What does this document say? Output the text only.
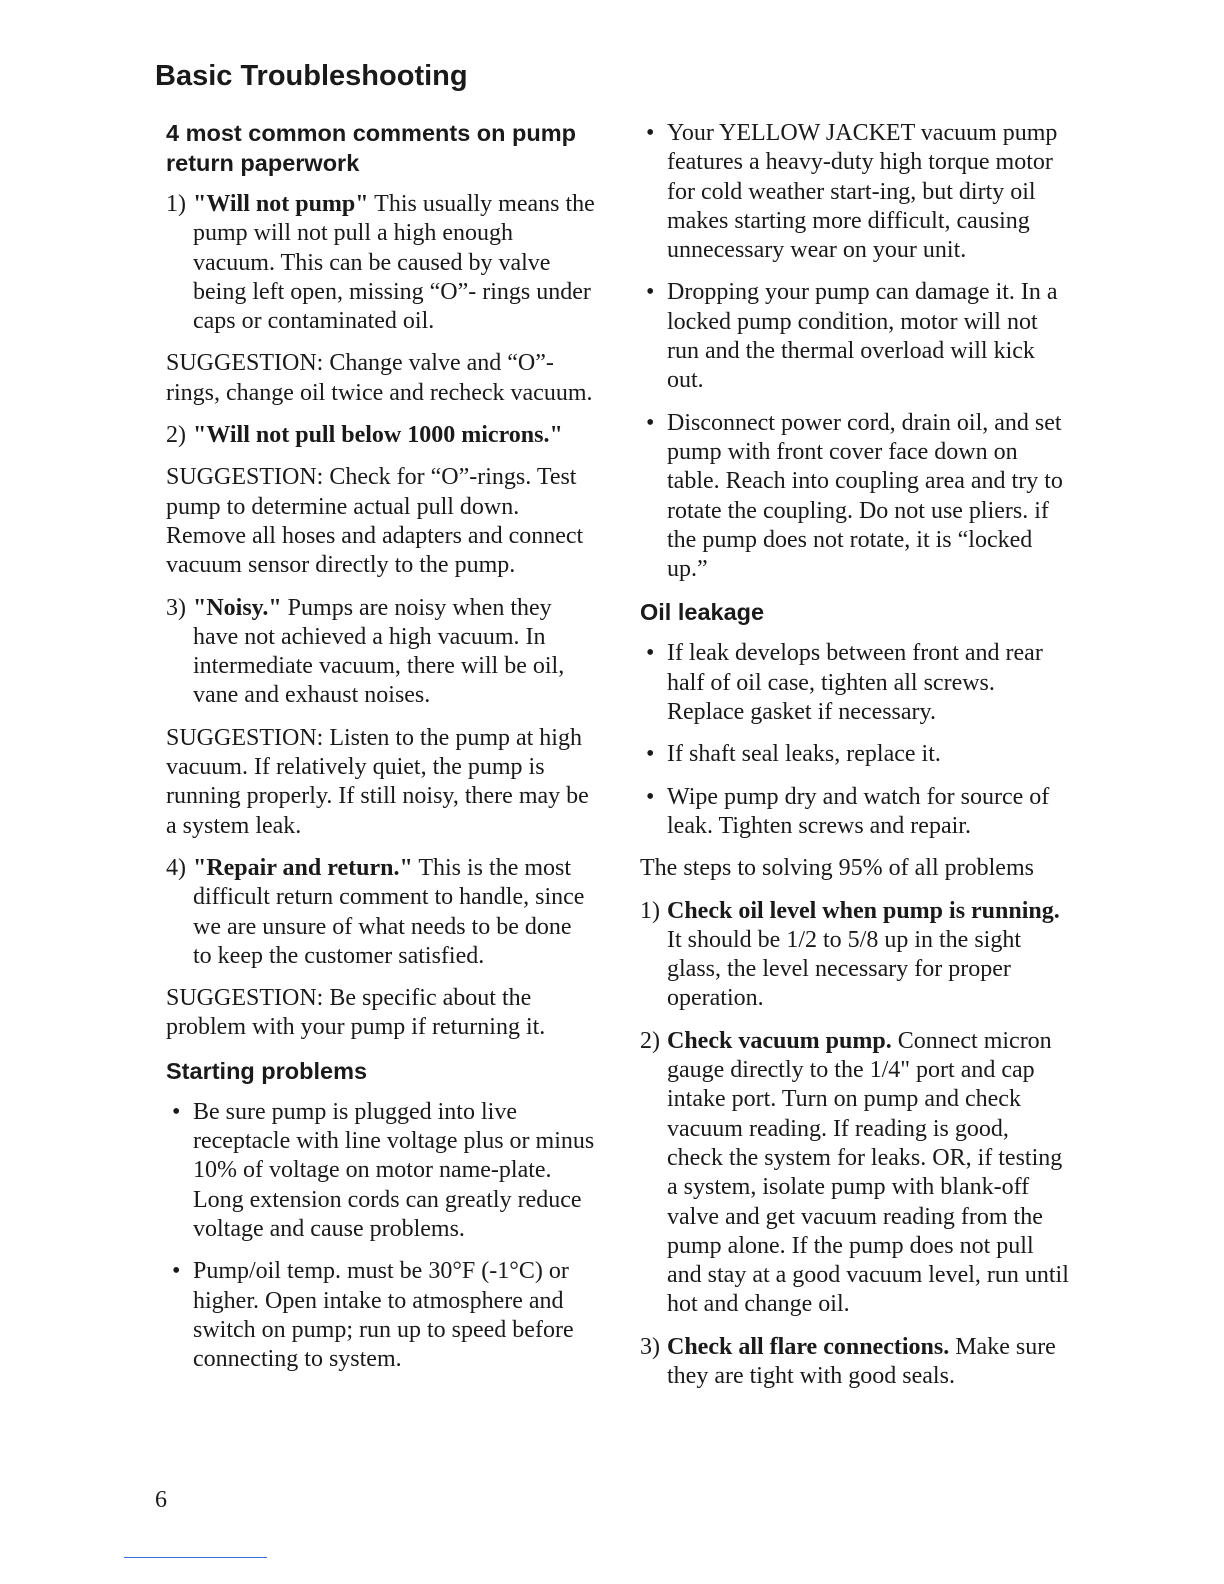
Basic Troubleshooting
4 most common comments on pump return paperwork
1) "Will not pump" This usually means the pump will not pull a high enough vacuum. This can be caused by valve being left open, missing “O”- rings under caps or contaminated oil.

SUGGESTION: Change valve and “O”-rings, change oil twice and recheck vacuum.

2) "Will not pull below 1000 microns."

SUGGESTION: Check for “O”-rings. Test pump to determine actual pull down. Remove all hoses and adapters and connect vacuum sensor directly to the pump.

3) "Noisy." Pumps are noisy when they have not achieved a high vacuum. In intermediate vacuum, there will be oil, vane and exhaust noises.

SUGGESTION: Listen to the pump at high vacuum. If relatively quiet, the pump is running properly. If still noisy, there may be a system leak.

4) "Repair and return." This is the most difficult return comment to handle, since we are unsure of what needs to be done to keep the customer satisfied.

SUGGESTION: Be specific about the problem with your pump if returning it.

Starting problems
• Be sure pump is plugged into live receptacle with line voltage plus or minus 10% of voltage on motor name-plate. Long extension cords can greatly reduce voltage and cause problems.
• Pump/oil temp. must be 30°F (-1°C) or higher. Open intake to atmosphere and switch on pump; run up to speed before connecting to system.
• Your YELLOW JACKET vacuum pump features a heavy-duty high torque motor for cold weather start-ing, but dirty oil makes starting more difficult, causing unnecessary wear on your unit.
• Dropping your pump can damage it. In a locked pump condition, motor will not run and the thermal overload will kick out.
• Disconnect power cord, drain oil, and set pump with front cover face down on table. Reach into coupling area and try to rotate the coupling. Do not use pliers. if the pump does not rotate, it is “locked up.”
Oil leakage
• If leak develops between front and rear half of oil case, tighten all screws. Replace gasket if necessary.
• If shaft seal leaks, replace it.
• Wipe pump dry and watch for source of leak. Tighten screws and repair.

The steps to solving 95% of all problems

1) Check oil level when pump is running. It should be 1/2 to 5/8 up in the sight glass, the level necessary for proper operation.
2) Check vacuum pump. Connect micron gauge directly to the 1/4" port and cap intake port. Turn on pump and check vacuum reading. If reading is good, check the system for leaks. OR, if testing a system, isolate pump with blank-off valve and get vacuum reading from the pump alone. If the pump does not pull and stay at a good vacuum level, run until hot and change oil.
3) Check all flare connections. Make sure they are tight with good seals.
6
